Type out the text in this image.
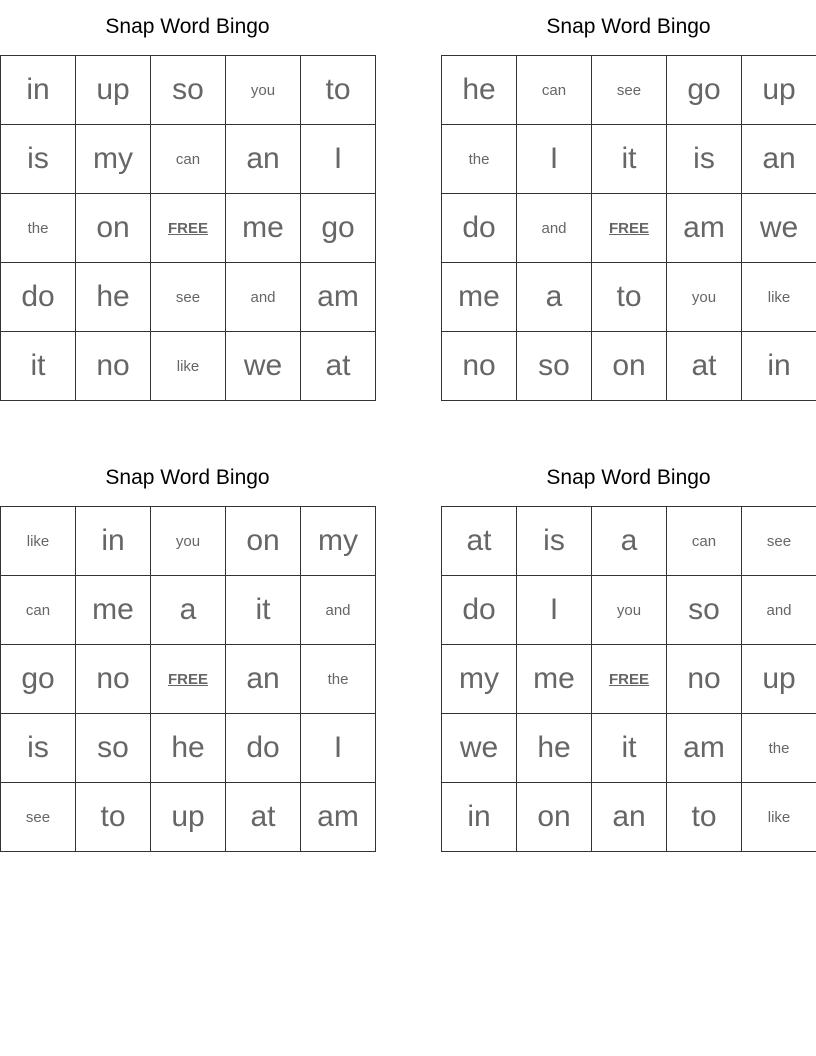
Snap Word Bingo
in	up	so	you	to
is	my	can	an	I
the	on	FREE	me	go
do	he	see	and	am
it	no	like	we	at
Snap Word Bingo
he	can	see	go	up
the	I	it	is	an
do	and	FREE	am	we
me	a	to	you	like
no	so	on	at	in
Snap Word Bingo
like	in	you	on	my
can	me	a	it	and
go	no	FREE	an	the
is	so	he	do	I
see	to	up	at	am
Snap Word Bingo
at	is	a	can	see
do	I	you	so	and
my	me	FREE	no	up
we	he	it	am	the
in	on	an	to	like
